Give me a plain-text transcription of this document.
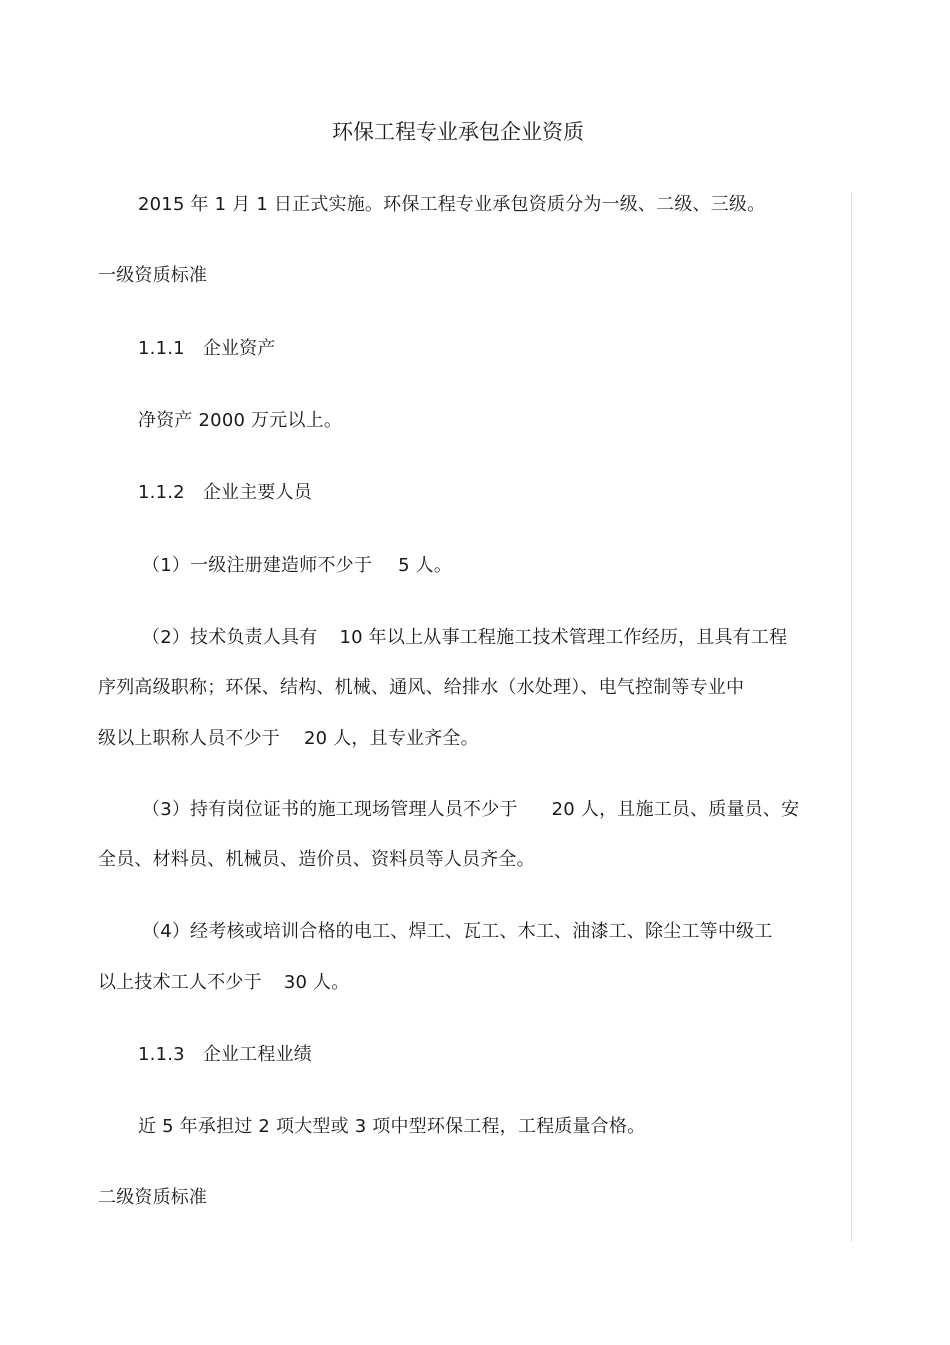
环保工程专业承包企业资质
2015 年 1 月 1 日正式实施。环保工程专业承包资质分为一级、二级、三级。
一级资质标准
1.1.1 企业资产
净资产 2000 万元以上。
1.1.2 企业主要人员
（1）一级注册建造师不少于 5 人。
（2）技术负责人具有 10 年以上从事工程施工技术管理工作经历，且具有工程
序列高级职称；环保、结构、机械、通风、给排水（水处理）、电气控制等专业中
级以上职称人员不少于 20 人，且专业齐全。
（3）持有岗位证书的施工现场管理人员不少于 20 人，且施工员、质量员、安
全员、材料员、机械员、造价员、资料员等人员齐全。
（4）经考核或培训合格的电工、焊工、瓦工、木工、油漆工、除尘工等中级工
以上技术工人不少于 30 人。
1.1.3 企业工程业绩
近 5 年承担过 2 项大型或 3 项中型环保工程，工程质量合格。
二级资质标准
